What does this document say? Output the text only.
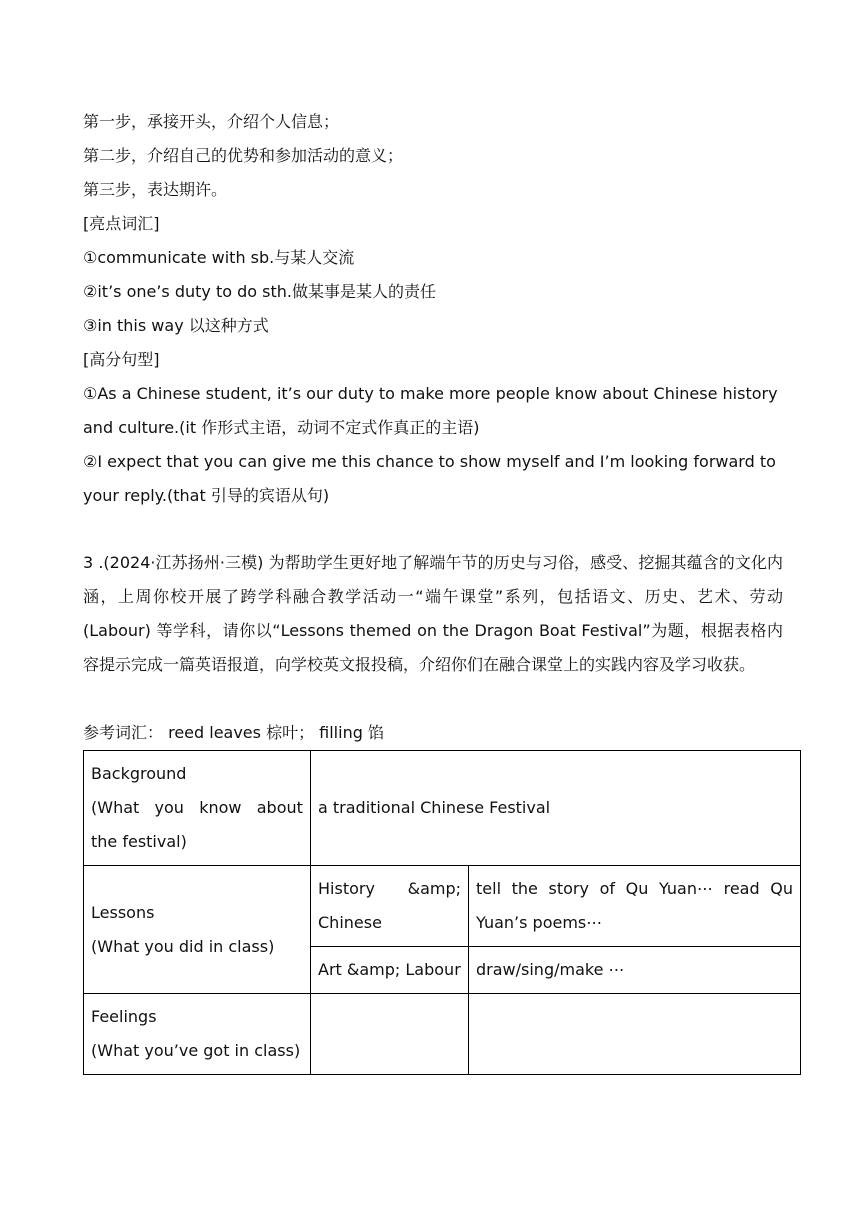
第一步，承接开头，介绍个人信息；
第二步，介绍自己的优势和参加活动的意义；
第三步，表达期许。
[亮点词汇]
①communicate with sb.与某人交流
②it’s one’s duty to do sth.做某事是某人的责任
③in this way 以这种方式
[高分句型]
①As a Chinese student, it’s our duty to make more people know about Chinese history
and culture.(it 作形式主语，动词不定式作真正的主语)
②I expect that you can give me this chance to show myself and I’m looking forward to
your reply.(that 引导的宾语从句)
3 .(2024·江苏扬州·三模) 为帮助学生更好地了解端午节的历史与习俗，感受、挖掘其蕴含的文化内涵，上周你校开展了跨学科融合教学活动一“端午课堂”系列，包括语文、历史、艺术、劳动(Labour) 等学科，请你以“Lessons themed on the Dragon Boat Festival”为题，根据表格内容提示完成一篇英语报道，向学校英文报投稿，介绍你们在融合课堂上的实践内容及学习收获。
参考词汇： reed leaves 棕叶； filling 馅
Background
(What   you   know   about
the festival)	a traditional Chinese Festival	

Lessons
(What you did in class)	History &amp; Chinese	tell the story of Qu Yuan⋯ read Qu Yuan’s poems⋯
	Art &amp; Labour	draw/sing/make ⋯

Feelings
(What you’ve got in class)		
